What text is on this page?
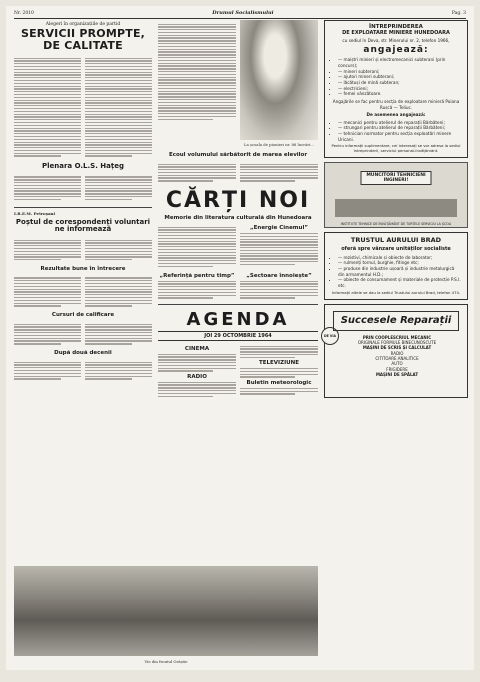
Nr. 2010	Drumul Socialismului	Pag. 3
Alegeri în organizațiile de partid
SERVICII PROMPTE, DE CALITATE
Plenara O.L.S. Hațeg
I.R.E.M. Petroșani
Poștul de corespondenți voluntari ne informează
Rezultate bune în întrecere
Cursuri de calificare
După două decenii
Vie din frontul Orăștie
La școala de pionieri nr. 86 lucrări...
Ecoul volumului sărbătorit de marea elevilor
CĂRȚI NOI
Memorie din literatura culturală din Hunedoara
„Energie Cinemul”
„Referință pentru timp”	„Sectoare înnoiește”
AGENDA
JOI 29 OCTOMBRIE 1964
CINEMA
RADIO
TELEVIZIUNE
Buletin meteorologic
ÎNTREPRINDEREA
DE EXPLOATARE MINIERE HUNEDOARA
cu sediul în Deva, str. Minerului nr. 2, telefon 1966,
angajează:
• — maiștri minieri și electromecanici subterani (prin concurs);
• — mineri subterani;
• — ajutori mineri subterani;
• — lăcătuși de mină subteran;
• — electricieni;
• — femei vânzătoare.
Angajările se fac pentru secția de exploatare minieră Poiana Ruscă — Teliuc.
De asemenea angajează:
• — mecanici pentru atelierul de reparații Bărbăteni;
• — strungari pentru atelierul de reparații Bărbăteni;
• — tehnician normator pentru secția exploatări minere Uricani.
Pentru informații suplimentare, cei interesați se vor adresa la sediul întreprinderii, serviciul personal-învățământ.
MUNCITORI TEHNICIENI INGINERI!
INSTITUTE TEHNICE DE ÎNVĂȚĂMÂNT DE TURTELE SERVICIU LA ȘCOLI
TRUSTUL AURULUI BRAD
oferă spre vânzare unităților socialiste
• — rezistivi, chimicale și obiecte de laborator;
• — rulmenți tornul, burghie, fitinge etc;
• — produse din industrie ușoară și industrie metalurgică din armamentul H.D.;
• — obiecte de consumament și materiale de protecție P.S.I. etc.
Informații altele se dau la sediul Trustului aurului Brad, telefon 474.
DE VIA
Succesele Reparații
PRIN COOPLESCRIUL MECANIC
ORIGINALE FORMULE BINECUNOSCUTE
MAȘINI DE SCRIS ȘI CALCULAT
RADIO
CITITOARE ANALITICE
AUTO
FRIGIDERE
MAȘINI DE SPĂLAT
